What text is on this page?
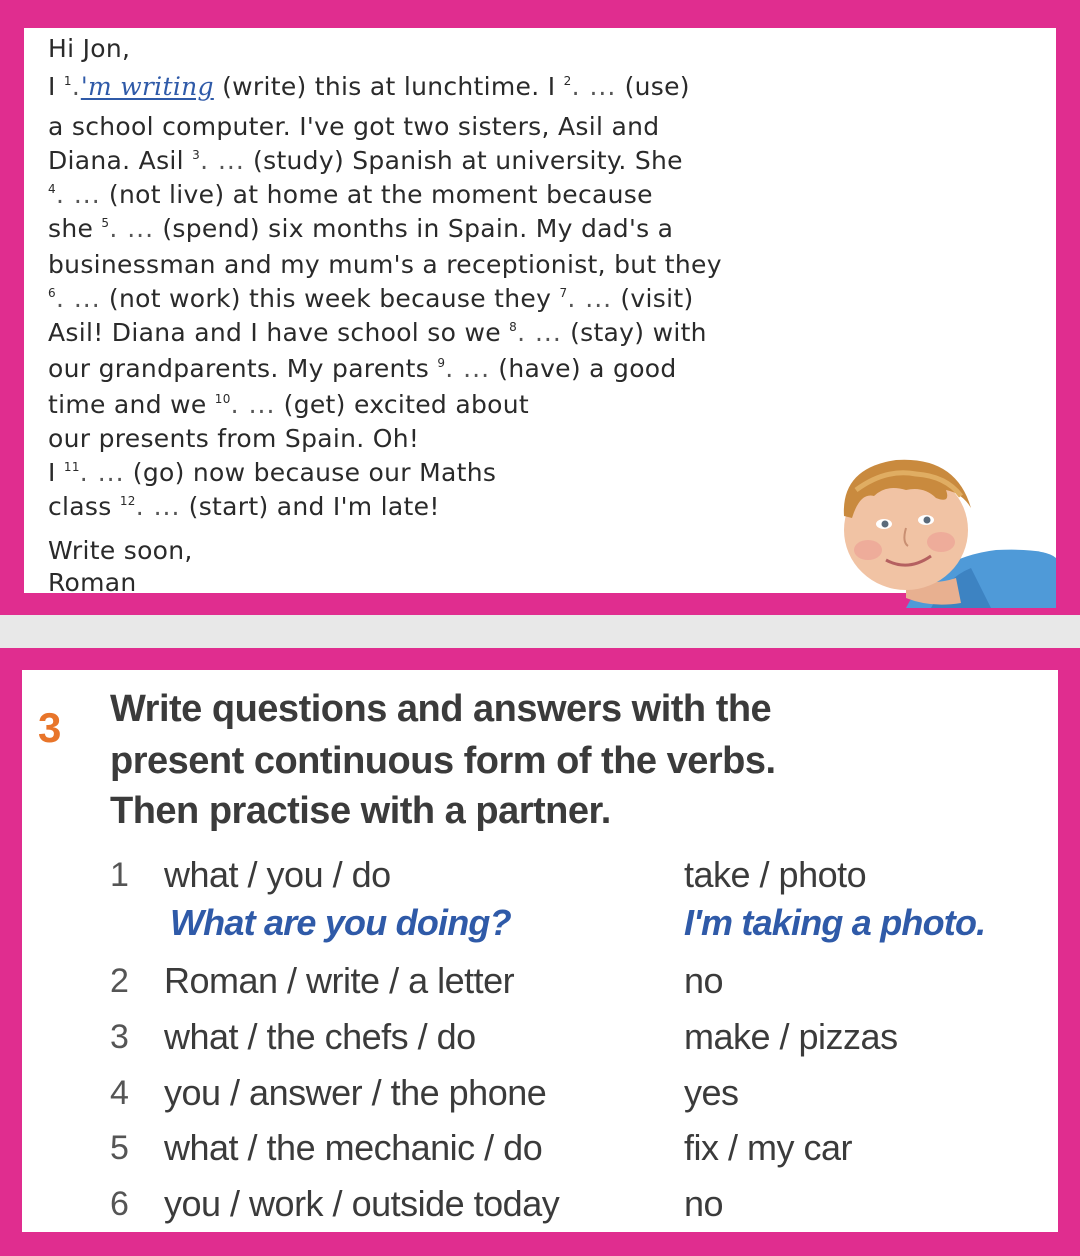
Hi Jon,
I $^1$.'m writing (write) this at lunchtime. I $^2$. ... (use)
a school computer. I've got two sisters, Asil and
Diana. Asil $^3$. ... (study) Spanish at university. She
$^4$. ... (not live) at home at the moment because
she $^5$. ... (spend) six months in Spain. My dad's a
businessman and my mum's a receptionist, but they
$^6$. ... (not work) this week because they $^7$. ... (visit)
Asil! Diana and I have school so we $^8$. ... (stay) with
our grandparents. My parents $^9$. ... (have) a good
time and we $^{10}$. ... (get) excited about
our presents from Spain. Oh!
I $^{11}$. ... (go) now because our Maths
class $^{12}$. ... (start) and I'm late!
Write soon,
Roman
3 Write questions and answers with the
present continuous form of the verbs.
Then practise with a partner.
1 what / you / do	take / photo
What are you doing?	I'm taking a photo.
2 Roman / write / a letter	no
3 what / the chefs / do	make / pizzas
4 you / answer / the phone	yes
5 what / the mechanic / do	fix / my car
6 you / work / outside today	no
